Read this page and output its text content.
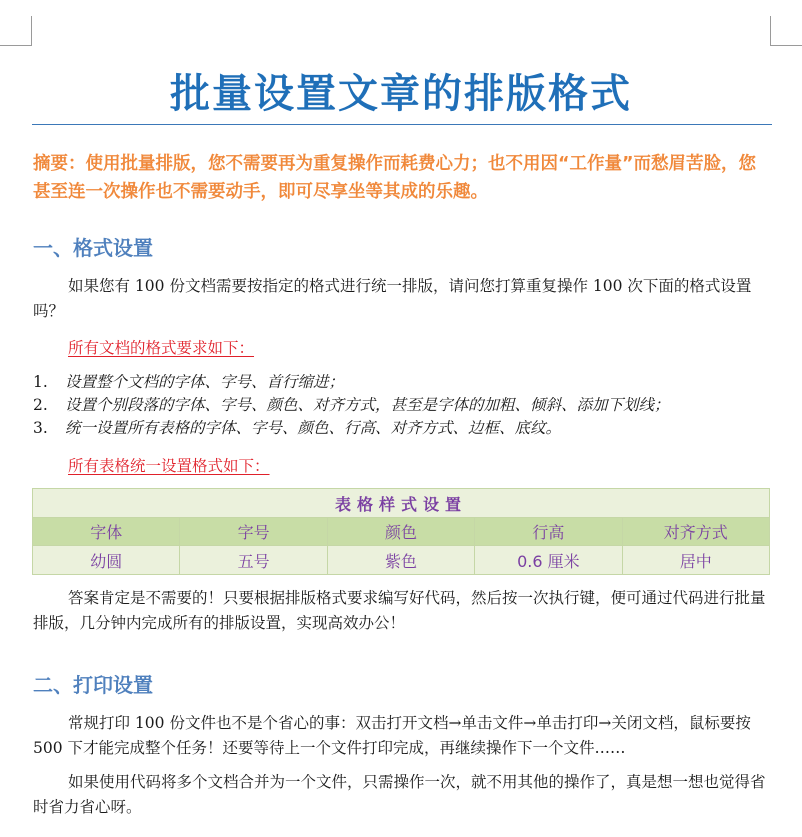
批量设置文章的排版格式

摘要：使用批量排版，您不需要再为重复操作而耗费心力；也不用因“工作量”而愁眉苦脸，您甚至连一次操作也不需要动手，即可尽享坐等其成的乐趣。

一、格式设置

如果您有 100 份文档需要按指定的格式进行统一排版，请问您打算重复操作 100 次下面的格式设置吗？

所有文档的格式要求如下：
1.	设置整个文档的字体、字号、首行缩进；
2.	设置个别段落的字体、字号、颜色、对齐方式，甚至是字体的加粗、倾斜、添加下划线；
3.	统一设置所有表格的字体、字号、颜色、行高、对齐方式、边框、底纹。
所有表格统一设置格式如下：
表格样式设置				
字体	字号	颜色	行高	对齐方式
幼圆	五号	紫色	0.6 厘米	居中

答案肯定是不需要的！只要根据排版格式要求编写好代码，然后按一次执行键，便可通过代码进行批量排版，几分钟内完成所有的排版设置，实现高效办公！

二、打印设置

常规打印 100 份文件也不是个省心的事：双击打开文档→单击文件→单击打印→关闭文档，鼠标要按 500 下才能完成整个任务！还要等待上一个文件打印完成，再继续操作下一个文件……

如果使用代码将多个文档合并为一个文件，只需操作一次，就不用其他的操作了，真是想一想也觉得省时省力省心呀。
